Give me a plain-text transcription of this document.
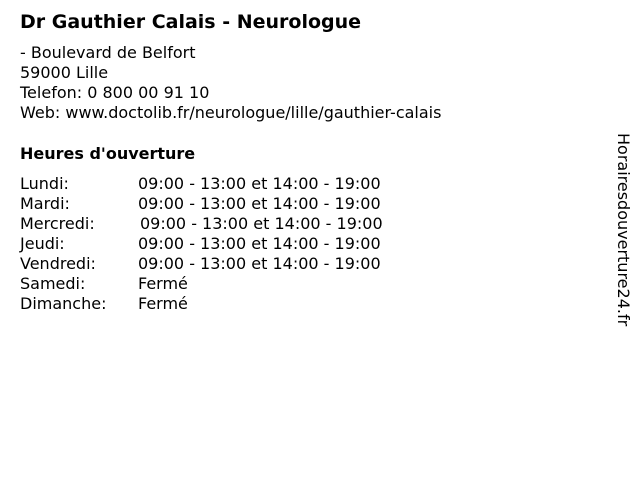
Dr Gauthier Calais - Neurologue
- Boulevard de Belfort
59000 Lille
Telefon: 0 800 00 91 10
Web: www.doctolib.fr/neurologue/lille/gauthier-calais
Heures d'ouverture
Lundi:	09:00 - 13:00 et 14:00 - 19:00
Mardi:	09:00 - 13:00 et 14:00 - 19:00
Mercredi:	09:00 - 13:00 et 14:00 - 19:00
Jeudi:	09:00 - 13:00 et 14:00 - 19:00
Vendredi:	09:00 - 13:00 et 14:00 - 19:00
Samedi:	Fermé
Dimanche: Fermé	Horairesdouverture24.fr
